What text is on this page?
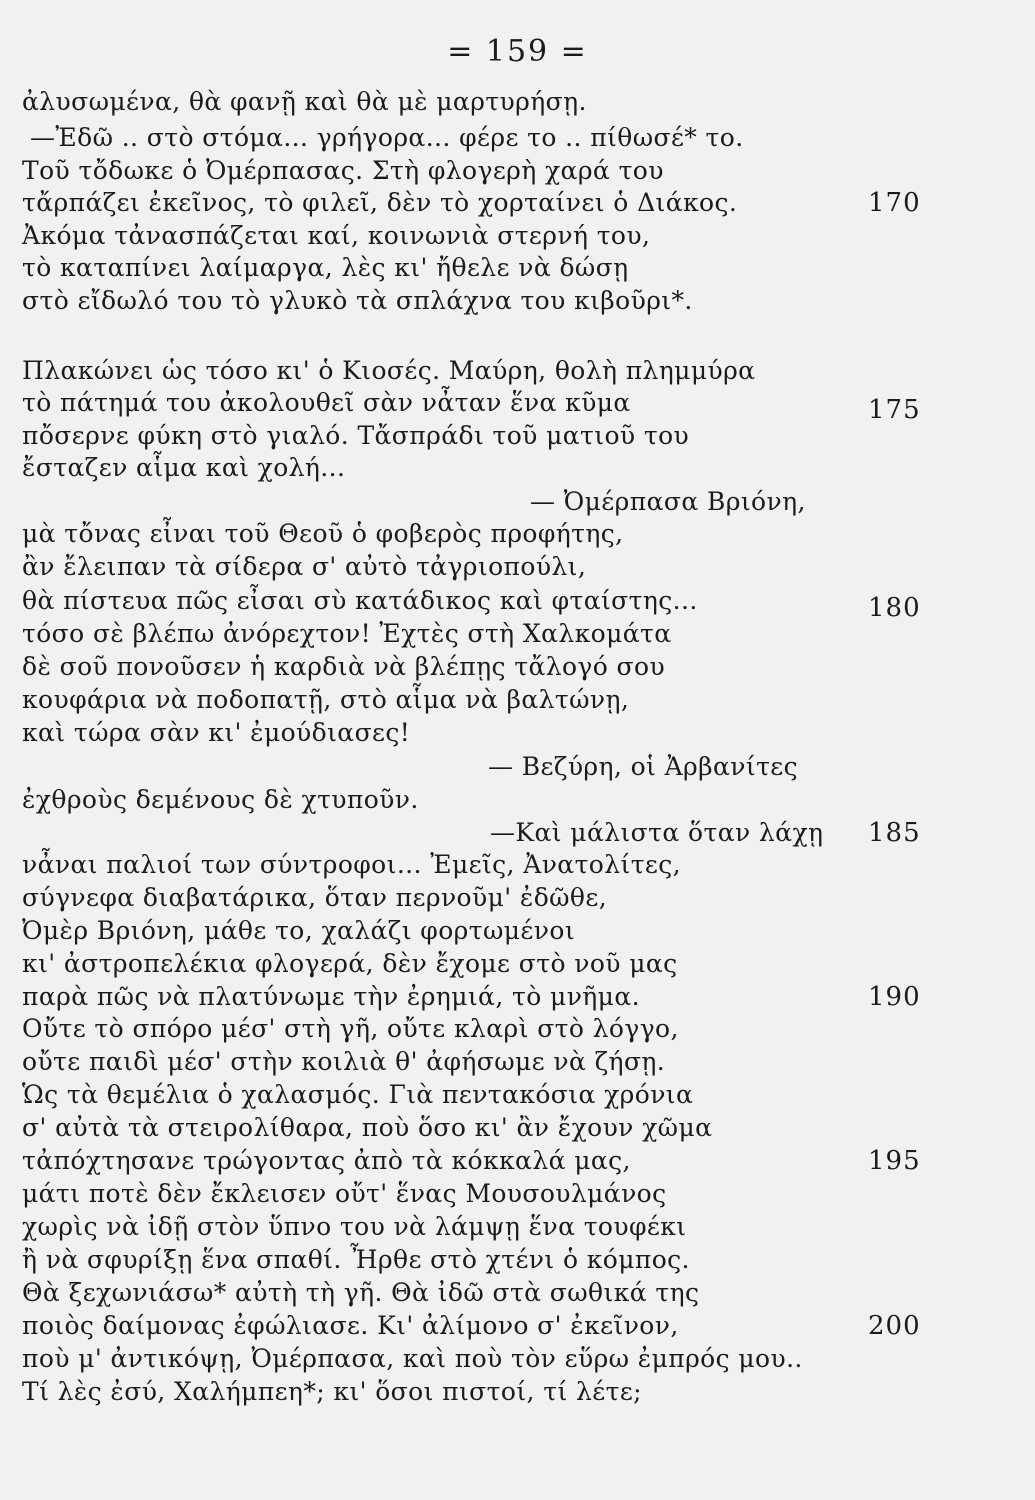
= 159 =
ἀλυσωμένα, θὰ φανῇ καὶ θὰ μὲ μαρτυρήσῃ.
—Ἐδῶ .. στὸ στόμα... γρήγορα... φέρε το .. πίθωσέ* το.
Τοῦ τὄδωκε ὁ Ὀμέρπασας. Στὴ φλογερὴ χαρά του
τἄρπάζει ἐκεῖνος, τὸ φιλεῖ, δὲν τὸ χορταίνει ὁ Διάκος.
Ἀκόμα τἀνασπάζεται καί, κοινωνιὰ στερνή του,
τὸ καταπίνει λαίμαργα, λὲς κι' ἤθελε νὰ δώσῃ
στὸ εἴδωλό του τὸ γλυκὸ τὰ σπλάχνα του κιβοῦρι*.
Πλακώνει ὡς τόσο κι' ὁ Κιοσές. Μαύρη, θολὴ πλημμύρα
τὸ πάτημά του ἀκολουθεῖ σὰν νἆταν ἕνα κῦμα
πὄσερνε φύκη στὸ γιαλό. Τἄσπράδι τοῦ ματιοῦ του
ἔσταζεν αἷμα καὶ χολή...
— Ὀμέρπασα Βριόνη,
μὰ τὄνας εἶναι τοῦ Θεοῦ ὁ φοβερὸς προφήτης,
ἂν ἔλειπαν τὰ σίδερα σ' αὐτὸ τἀγριοπούλι,
θὰ πίστευα πῶς εἶσαι σὺ κατάδικος καὶ φταίστης...
τόσο σὲ βλέπω ἀνόρεχτον! Ἐχτὲς στὴ Χαλκομάτα
δὲ σοῦ πονοῦσεν ἡ καρδιὰ νὰ βλέπῃς τἄλογό σου
κουφάρια νὰ ποδοπατῇ, στὸ αἷμα νὰ βαλτώνῃ,
καὶ τώρα σὰν κι' ἐμούδιασες!
— Βεζύρη, οἱ Ἀρβανίτες
ἐχθροὺς δεμένους δὲ χτυποῦν.
—Καὶ μάλιστα ὅταν λάχῃ
νἆναι παλιοί των σύντροφοι... Ἐμεῖς, Ἀνατολίτες,
σύγνεφα διαβατάρικα, ὅταν περνοῦμ' ἐδῶθε,
Ὀμὲρ Βριόνη, μάθε το, χαλάζι φορτωμένοι
κι' ἀστροπελέκια φλογερά, δὲν ἔχομε στὸ νοῦ μας
παρὰ πῶς νὰ πλατύνωμε τὴν ἐρημιά, τὸ μνῆμα.
Οὔτε τὸ σπόρο μέσ' στὴ γῆ, οὔτε κλαρὶ στὸ λόγγο,
οὔτε παιδὶ μέσ' στὴν κοιλιὰ θ' ἀφήσωμε νὰ ζήσῃ.
Ὡς τὰ θεμέλια ὁ χαλασμός. Γιὰ πεντακόσια χρόνια
σ' αὐτὰ τὰ στειρολίθαρα, ποὺ ὅσο κι' ἂν ἔχουν χῶμα
τἀπόχτησανε τρώγοντας ἀπὸ τὰ κόκκαλά μας,
μάτι ποτὲ δὲν ἔκλεισεν οὔτ' ἕνας Μουσουλμάνος
χωρὶς νὰ ἰδῇ στὸν ὕπνο του νὰ λάμψῃ ἕνα τουφέκι
ἢ νὰ σφυρίξῃ ἕνα σπαθί. Ἦρθε στὸ χτένι ὁ κόμπος.
Θὰ ξεχωνιάσω* αὐτὴ τὴ γῆ. Θὰ ἰδῶ στὰ σωθικά της
ποιὸς δαίμονας ἐφώλιασε. Κι' ἀλίμονο σ' ἐκεῖνον,
ποὺ μ' ἀντικόψῃ, Ὀμέρπασα, καὶ ποὺ τὸν εὕρω ἐμπρός μου..
Τί λὲς ἐσύ, Χαλήμπεη*; κι' ὅσοι πιστοί, τί λέτε;
170
175
180
185
190
195
200
